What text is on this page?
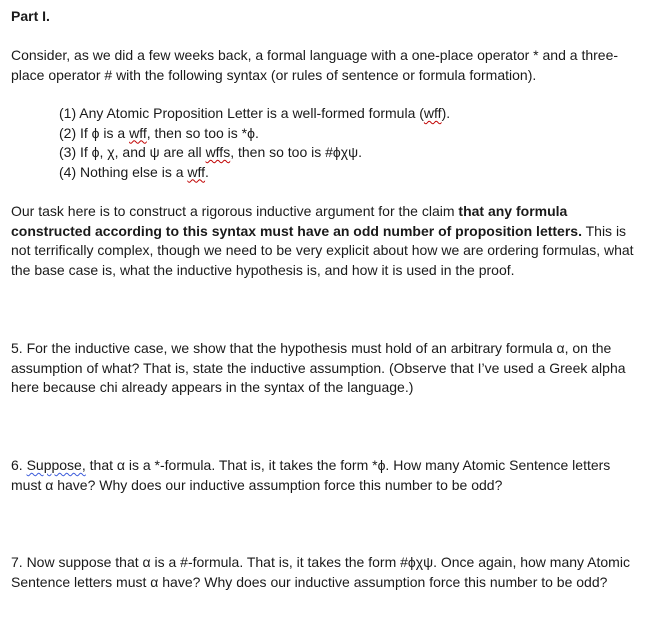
Part I.

Consider, as we did a few weeks back, a formal language with a one-place operator * and a three-place operator # with the following syntax (or rules of sentence or formula formation).

(1) Any Atomic Proposition Letter is a well-formed formula (wff).
(2) If ϕ is a wff, then so too is *ϕ.
(3) If ϕ, χ, and ψ are all wffs, then so too is #ϕχψ.
(4) Nothing else is a wff.

Our task here is to construct a rigorous inductive argument for the claim that any formula constructed according to this syntax must have an odd number of proposition letters. This is not terrifically complex, though we need to be very explicit about how we are ordering formulas, what the base case is, what the inductive hypothesis is, and how it is used in the proof.

5. For the inductive case, we show that the hypothesis must hold of an arbitrary formula α, on the assumption of what? That is, state the inductive assumption. (Observe that I’ve used a Greek alpha here because chi already appears in the syntax of the language.)

6. Suppose, that α is a *-formula. That is, it takes the form *ϕ. How many Atomic Sentence letters must α have? Why does our inductive assumption force this number to be odd?

7. Now suppose that α is a #-formula. That is, it takes the form #ϕχψ. Once again, how many Atomic Sentence letters must α have? Why does our inductive assumption force this number to be odd?
